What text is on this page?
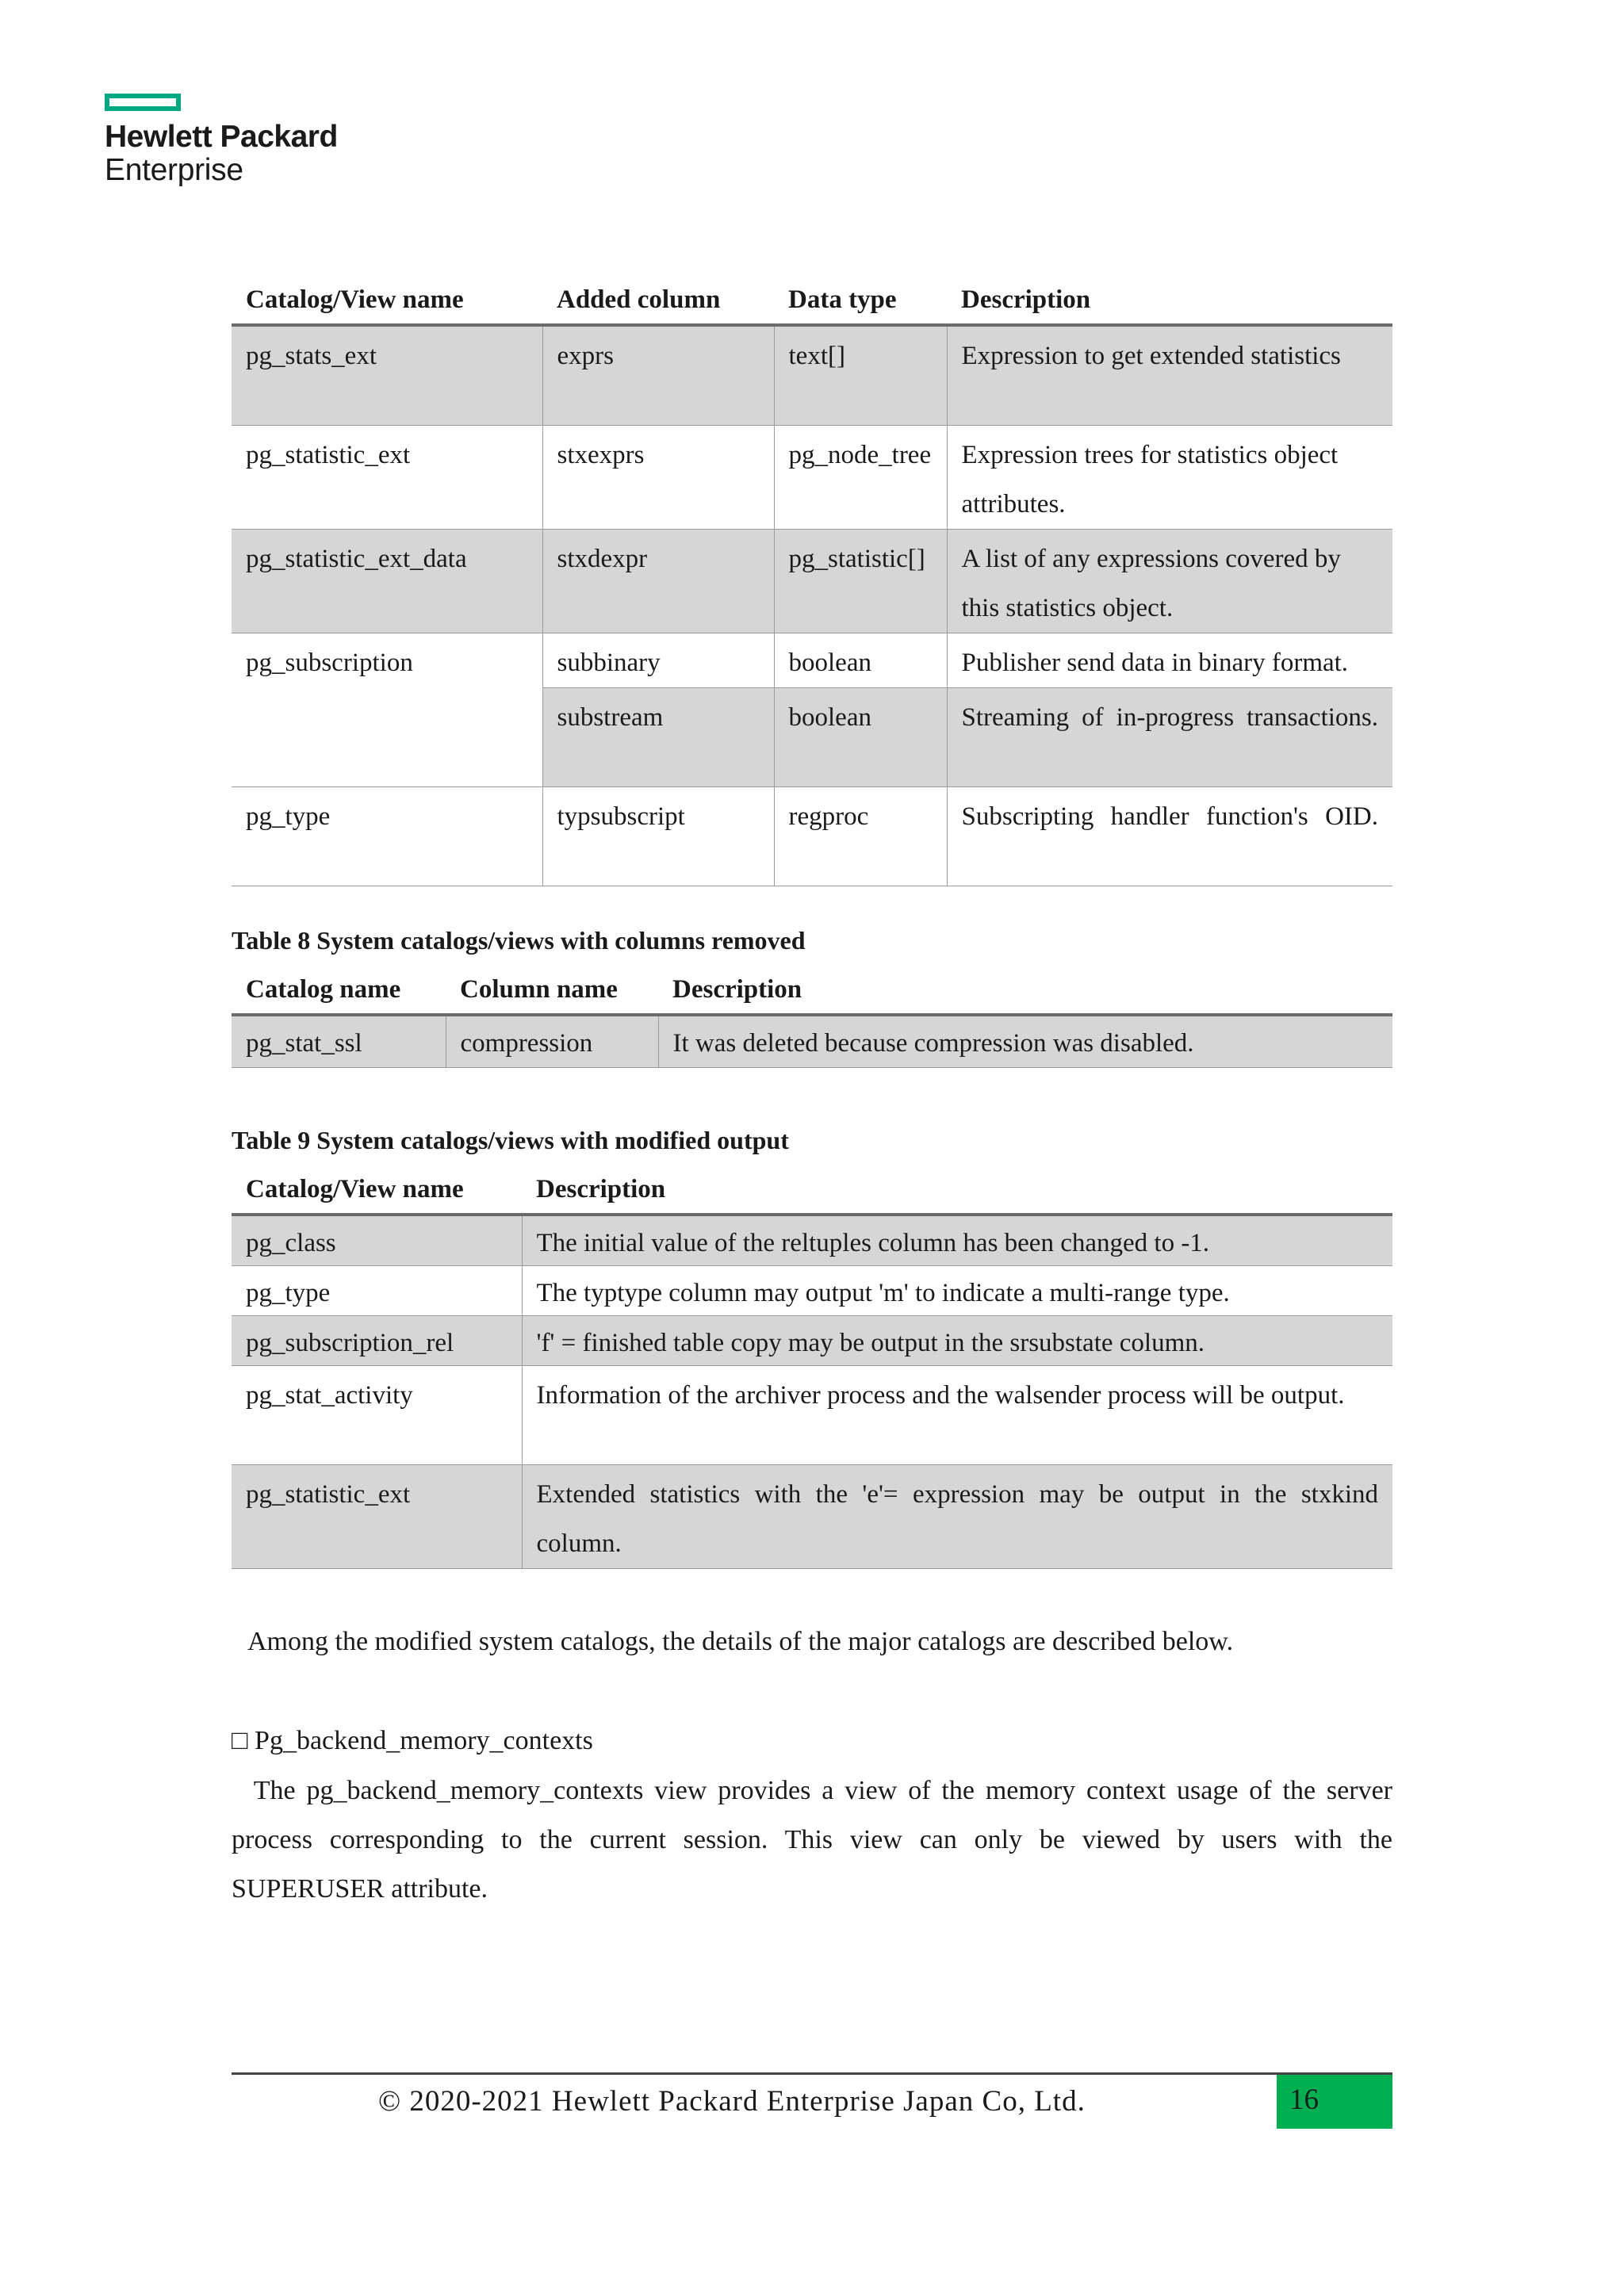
Hewlett Packard
Enterprise
Catalog/View name	Added column	Data type	Description
pg_stats_ext	exprs	text[]	Expression to get extended statistics
pg_statistic_ext	stxexprs	pg_node_tree	Expression trees for statistics object attributes.
pg_statistic_ext_data	stxdexpr	pg_statistic[]	A list of any expressions covered by this statistics object.
pg_subscription	subbinary	boolean	Publisher send data in binary format.
	substream	boolean	Streaming of in-progress transactions.
pg_type	typsubscript	regproc	Subscripting handler function's OID.
Table 8 System catalogs/views with columns removed
Catalog name	Column name	Description
pg_stat_ssl	compression	It was deleted because compression was disabled.
Table 9 System catalogs/views with modified output
Catalog/View name	Description
pg_class	The initial value of the reltuples column has been changed to -1.
pg_type	The typtype column may output 'm' to indicate a multi-range type.
pg_subscription_rel	'f' = finished table copy may be output in the srsubstate column.
pg_stat_activity	Information of the archiver process and the walsender process will be output.
pg_statistic_ext	Extended statistics with the 'e'= expression may be output in the stxkind column.
Among the modified system catalogs, the details of the major catalogs are described below.
□ Pg_backend_memory_contexts
The pg_backend_memory_contexts view provides a view of the memory context usage of the server process corresponding to the current session. This view can only be viewed by users with the SUPERUSER attribute.
© 2020-2021 Hewlett Packard Enterprise Japan Co, Ltd.	16
